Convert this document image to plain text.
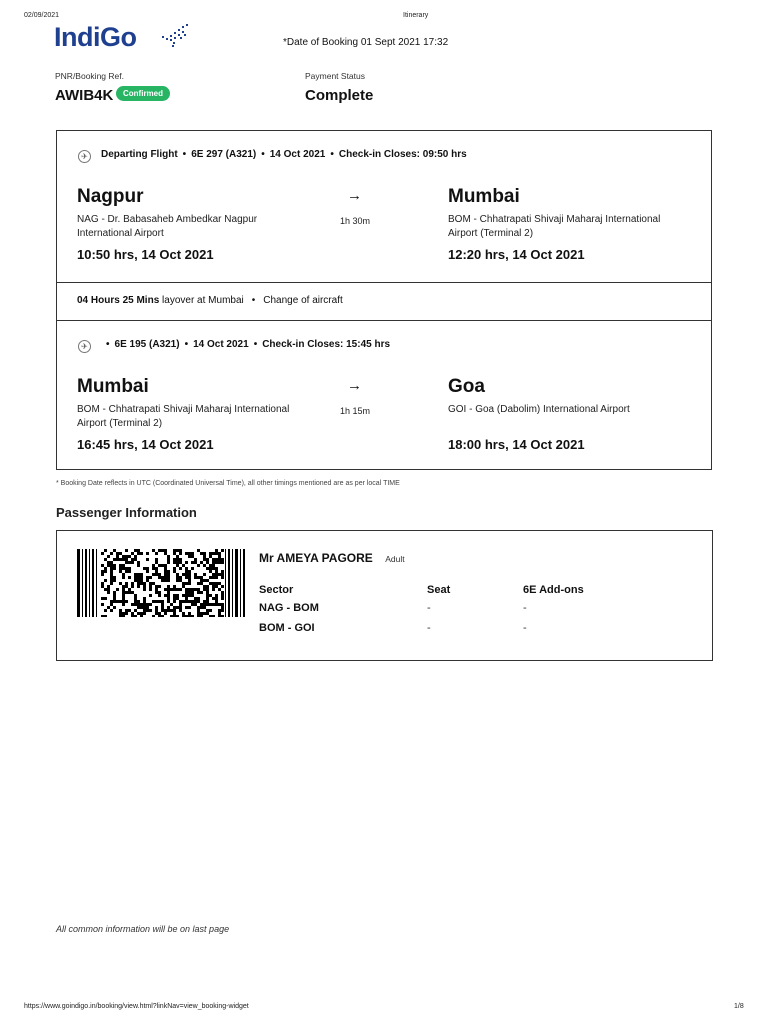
02/09/2021	Itinerary
IndiGo	*Date of Booking 01 Sept 2021 17:32
PNR/Booking Ref.
AWIB4K	Confirmed
Payment Status
Complete
✈	Departing Flight • 6E 297 (A321) • 14 Oct 2021 • Check-in Closes: 09:50 hrs
Nagpur
NAG - Dr. Babasaheb Ambedkar Nagpur International Airport
10:50 hrs, 14 Oct 2021
→
1h 30m
Mumbai
BOM - Chhatrapati Shivaji Maharaj International Airport (Terminal 2)
12:20 hrs, 14 Oct 2021
04 Hours 25 Mins layover at Mumbai • Change of aircraft
✈	• 6E 195 (A321) • 14 Oct 2021 • Check-in Closes: 15:45 hrs
Mumbai
BOM - Chhatrapati Shivaji Maharaj International Airport (Terminal 2)
16:45 hrs, 14 Oct 2021
→
1h 15m
Goa
GOI - Goa (Dabolim) International Airport
18:00 hrs, 14 Oct 2021
* Booking Date reflects in UTC (Coordinated Universal Time), all other timings mentioned are as per local TIME
Passenger Information
Mr AMEYA PAGORE Adult
Sector	Seat	6E Add-ons
NAG - BOM	-	-
BOM - GOI	-	-
All common information will be on last page
https://www.goindigo.in/booking/view.html?linkNav=view_booking-widget	1/8
